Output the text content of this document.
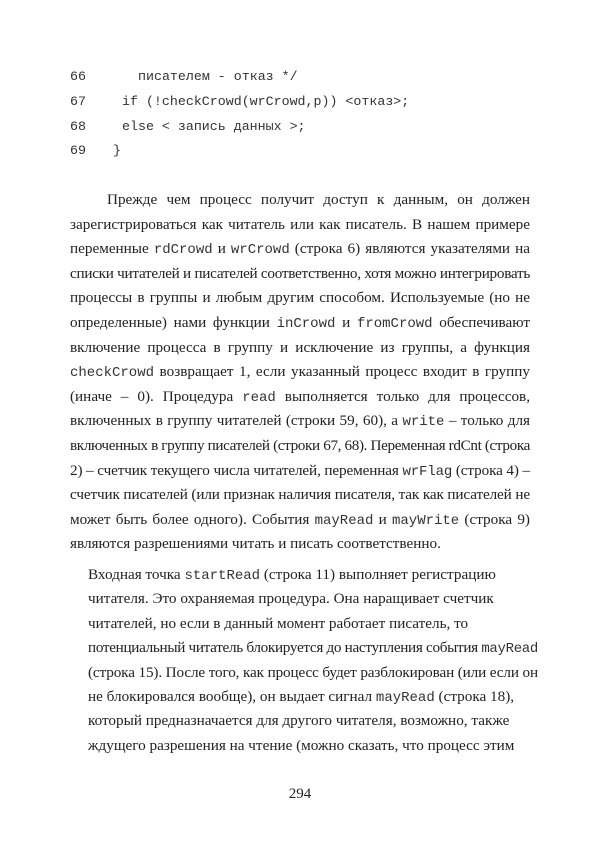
66	писателем - отказ */
67	if (!checkCrowd(wrCrowd,p)) <отказ>;
68	else < запись данных >;
69	}
Прежде чем процесс получит доступ к данным, он должен
зарегистрироваться как читатель или как писатель. В нашем примере
переменные rdCrowd и wrCrowd (строка 6) являются указателями на
списки читателей и писателей соответственно, хотя можно интегрировать
процессы в группы и любым другим способом. Используемые (но не
определенные) нами функции inCrowd и fromCrowd обеспечивают
включение процесса в группу и исключение из группы, а функция
checkCrowd возвращает 1, если указанный процесс входит в группу
(иначе – 0). Процедура read выполняется только для процессов,
включенных в группу читателей (строки 59, 60), а write – только для
включенных в группу писателей (строки 67, 68). Переменная rdCnt (строка
2) – счетчик текущего числа читателей, переменная wrFlag (строка 4) –
счетчик писателей (или признак наличия писателя, так как писателей не
может быть более одного). События mayRead и mayWrite (строка 9)
являются разрешениями читать и писать соответственно.
Входная точка startRead (строка 11) выполняет регистрацию
читателя. Это охраняемая процедура. Она наращивает счетчик
читателей, но если в данный момент работает писатель, то
потенциальный читатель блокируется до наступления события mayRead
(строка 15). После того, как процесс будет разблокирован (или если он
не блокировался вообще), он выдает сигнал mayRead (строка 18),
который предназначается для другого читателя, возможно, также
ждущего разрешения на чтение (можно сказать, что процесс этим
294
